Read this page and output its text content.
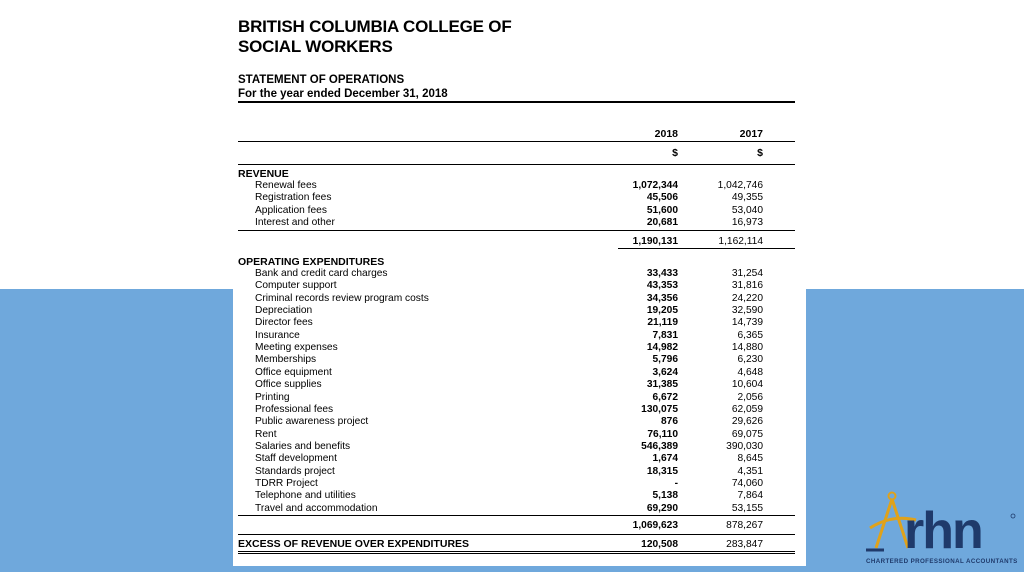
BRITISH COLUMBIA COLLEGE OF
SOCIAL WORKERS
STATEMENT OF OPERATIONS
For the year ended December 31, 2018
2018	2017
$	$
REVENUE
Renewal fees	1,072,344	1,042,746
Registration fees	45,506	49,355
Application fees	51,600	53,040
Interest and other	20,681	16,973
1,190,131	1,162,114
OPERATING EXPENDITURES
Bank and credit card charges	33,433	31,254
Computer support	43,353	31,816
Criminal records review program costs	34,356	24,220
Depreciation	19,205	32,590
Director fees	21,119	14,739
Insurance	7,831	6,365
Meeting expenses	14,982	14,880
Memberships	5,796	6,230
Office equipment	3,624	4,648
Office supplies	31,385	10,604
Printing	6,672	2,056
Professional fees	130,075	62,059
Public awareness project	876	29,626
Rent	76,110	69,075
Salaries and benefits	546,389	390,030
Staff development	1,674	8,645
Standards project	18,315	4,351
TDRR Project	-	74,060
Telephone and utilities	5,138	7,864
Travel and accommodation	69,290	53,155
1,069,623	878,267
EXCESS OF REVENUE OVER EXPENDITURES	120,508	283,847	rhn
CHARTERED PROFESSIONAL ACCOUNTANTS
